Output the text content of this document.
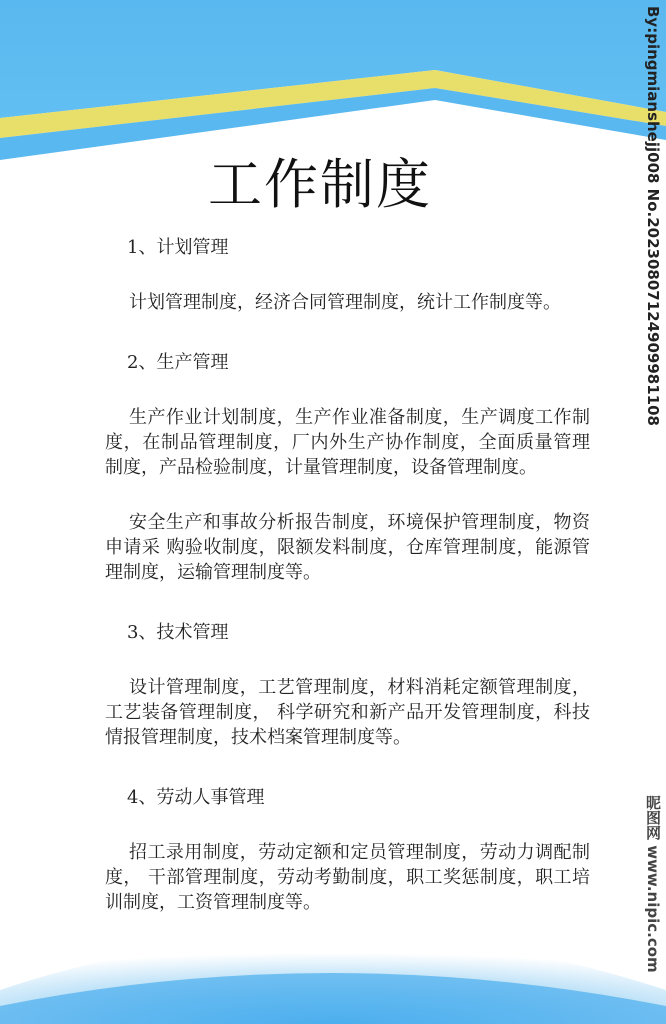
工作制度

1、计划管理

计划管理制度，经济合同管理制度，统计工作制度等。

2、生产管理

生产作业计划制度，生产作业准备制度，生产调度工作制度，在制品管理制度，厂内外生产协作制度，全面质量管理制度，产品检验制度，计量管理制度，设备管理制度。

安全生产和事故分析报告制度，环境保护管理制度，物资申请采 购验收制度，限额发料制度，仓库管理制度，能源管理制度，运输管理制度等。

3、技术管理

设计管理制度，工艺管理制度，材料消耗定额管理制度，工艺装备管理制度， 科学研究和新产品开发管理制度，科技情报管理制度，技术档案管理制度等。

4、劳动人事管理

招工录用制度，劳动定额和定员管理制度，劳动力调配制度， 干部管理制度，劳动考勤制度，职工奖惩制度，职工培训制度，工资管理制度等。

By:pingmianshejj008 No.20230807124909981108
昵图网 www.nipic.com
